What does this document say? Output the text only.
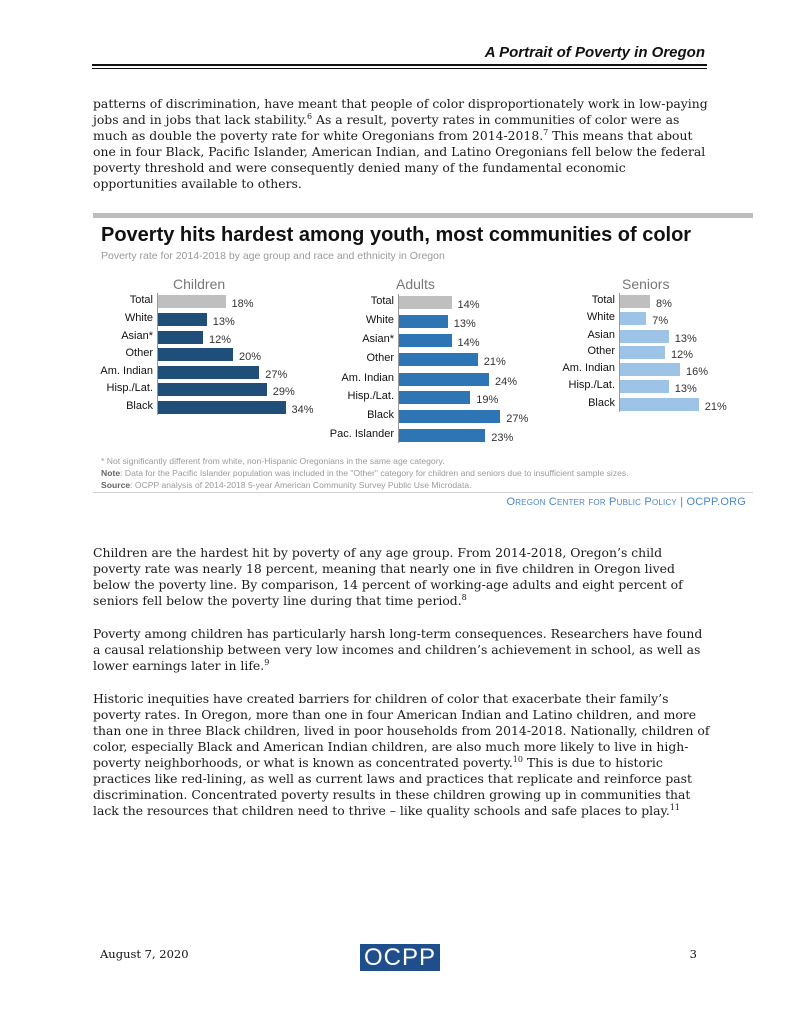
A Portrait of Poverty in Oregon

patterns of discrimination, have meant that people of color disproportionately work in low-paying jobs and in jobs that lack stability.$^6$ As a result, poverty rates in communities of color were as much as double the poverty rate for white Oregonians from 2014-2018.$^7$ This means that about one in four Black, Pacific Islander, American Indian, and Latino Oregonians fell below the federal poverty threshold and were consequently denied many of the fundamental economic opportunities available to others.

Poverty hits hardest among youth, most communities of color
Poverty rate for 2014-2018 by age group and race and ethnicity in Oregon
Children
Total	18%
White	13%
Asian*	12%
Other	20%
Am. Indian	27%
Hisp./Lat.	29%
Black	34%
Adults
Total	14%
White	13%
Asian*	14%
Other	21%
Am. Indian	24%
Hisp./Lat.	19%
Black	27%
Pac. Islander	23%
Seniors
Total	8%
White	7%
Asian	13%
Other	12%
Am. Indian	16%
Hisp./Lat.	13%
Black	21%
* Not significantly different from white, non-Hispanic Oregonians in the same age category.
Note: Data for the Pacific Islander population was included in the "Other" category for children and seniors due to insufficient sample sizes.
Source: OCPP analysis of 2014-2018 5-year American Community Survey Public Use Microdata.
Oregon Center for Public Policy | OCPP.ORG

Children are the hardest hit by poverty of any age group. From 2014-2018, Oregon’s child poverty rate was nearly 18 percent, meaning that nearly one in five children in Oregon lived below the poverty line. By comparison, 14 percent of working-age adults and eight percent of seniors fell below the poverty line during that time period.$^8$

Poverty among children has particularly harsh long-term consequences. Researchers have found a causal relationship between very low incomes and children’s achievement in school, as well as lower earnings later in life.$^9$

Historic inequities have created barriers for children of color that exacerbate their family’s poverty rates. In Oregon, more than one in four American Indian and Latino children, and more than one in three Black children, lived in poor households from 2014-2018. Nationally, children of color, especially Black and American Indian children, are also much more likely to live in high-poverty neighborhoods, or what is known as concentrated poverty.$^{10}$ This is due to historic practices like red-lining, as well as current laws and practices that replicate and reinforce past discrimination. Concentrated poverty results in these children growing up in communities that lack the resources that children need to thrive – like quality schools and safe places to play.$^{11}$

August 7, 2020	OCPP	3
